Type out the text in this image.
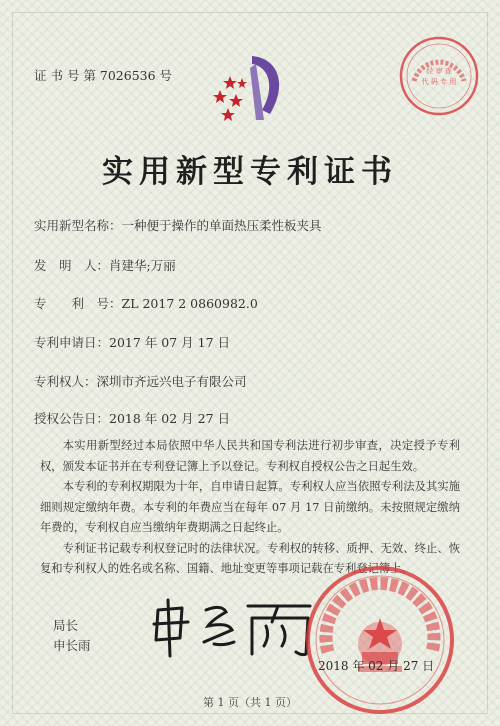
证 书 号 第 7026536 号	经 审 查
代 码 专 用
实用新型专利证书
实用新型名称：一种便于操作的单面热压柔性板夹具
发　明　人：肖建华;万丽
专　　利　号：ZL 2017 2 0860982.0
专利申请日：2017 年 07 月 17 日
专利权人：深圳市齐远兴电子有限公司
授权公告日：2018 年 02 月 27 日

本实用新型经过本局依照中华人民共和国专利法进行初步审查，决定授予专利权，颁发本证书并在专利登记簿上予以登记。专利权自授权公告之日起生效。

本专利的专利权期限为十年，自申请日起算。专利权人应当依照专利法及其实施细则规定缴纳年费。本专利的年费应当在每年 07 月 17 日前缴纳。未按照规定缴纳年费的，专利权自应当缴纳年费期满之日起终止。

专利证书记载专利权登记时的法律状况。专利权的转移、质押、无效、终止、恢复和专利权人的姓名或名称、国籍、地址变更等事项记载在专利登记簿上。

局长
申长雨
2018 年 02 月 27 日
第 1 页（共 1 页）
